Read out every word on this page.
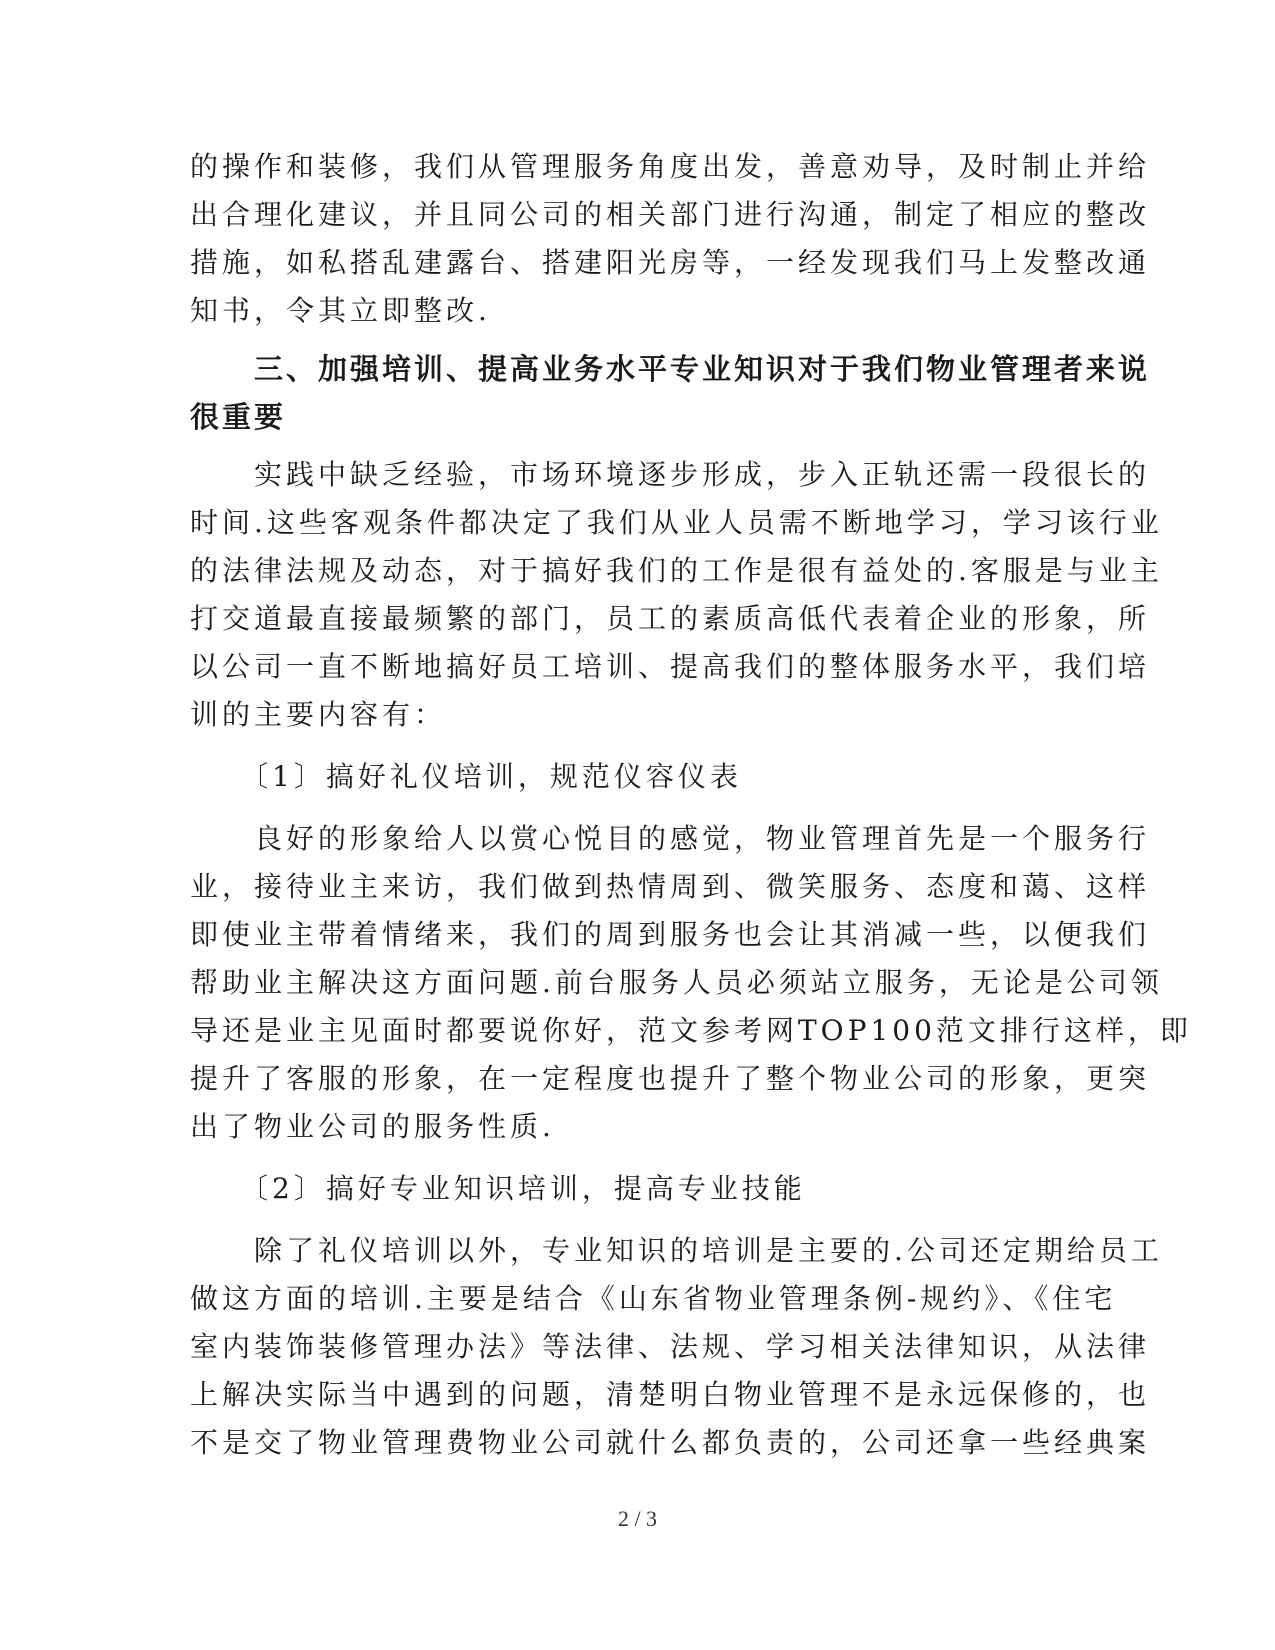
的操作和装修，我们从管理服务角度出发，善意劝导，及时制止并给
出合理化建议，并且同公司的相关部门进行沟通，制定了相应的整改
措施，如私搭乱建露台、搭建阳光房等，一经发现我们马上发整改通
知书，令其立即整改.
　　三、加强培训、提高业务水平专业知识对于我们物业管理者来说
很重要
　　实践中缺乏经验，市场环境逐步形成，步入正轨还需一段很长的
时间.这些客观条件都决定了我们从业人员需不断地学习，学习该行业
的法律法规及动态，对于搞好我们的工作是很有益处的.客服是与业主
打交道最直接最频繁的部门，员工的素质高低代表着企业的形象，所
以公司一直不断地搞好员工培训、提高我们的整体服务水平，我们培
训的主要内容有：
　　〔1〕搞好礼仪培训，规范仪容仪表
　　良好的形象给人以赏心悦目的感觉，物业管理首先是一个服务行
业，接待业主来访，我们做到热情周到、微笑服务、态度和蔼、这样
即使业主带着情绪来，我们的周到服务也会让其消减一些，以便我们
帮助业主解决这方面问题.前台服务人员必须站立服务，无论是公司领
导还是业主见面时都要说你好，范文参考网TOP100范文排行这样，即
提升了客服的形象，在一定程度也提升了整个物业公司的形象，更突
出了物业公司的服务性质.
　　〔2〕搞好专业知识培训，提高专业技能
　　除了礼仪培训以外，专业知识的培训是主要的.公司还定期给员工
做这方面的培训.主要是结合《山东省物业管理条例-规约》、《住宅
室内装饰装修管理办法》等法律、法规、学习相关法律知识，从法律
上解决实际当中遇到的问题，清楚明白物业管理不是永远保修的，也
不是交了物业管理费物业公司就什么都负责的，公司还拿一些经典案
2 / 3
